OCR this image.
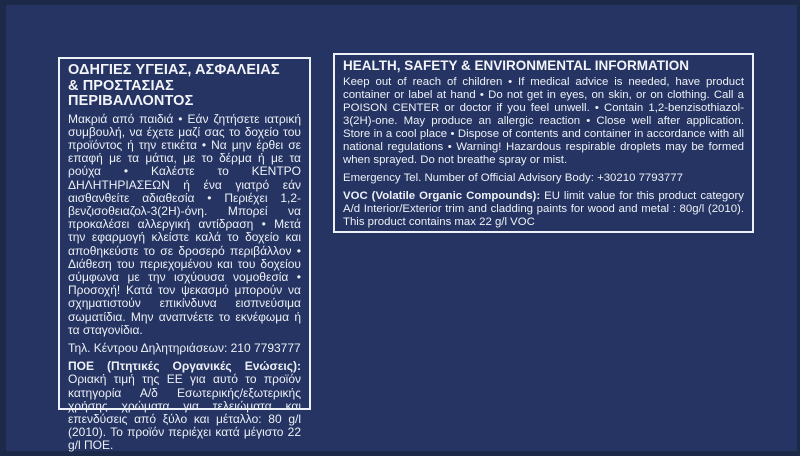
ΟΔΗΓΙΕΣ ΥΓΕΙΑΣ, ΑΣΦΑΛΕΙΑΣ
& ΠΡΟΣΤΑΣΙΑΣ ΠΕΡΙΒΑΛΛΟΝΤΟΣ

Μακριά από παιδιά • Εάν ζητήσετε ιατρική συμβουλή, να έχετε μαζί σας το δοχείο του προϊόντος ή την ετικέτα • Να μην έρθει σε επαφή με τα μάτια, με το δέρμα ή με τα ρούχα • Καλέστε το ΚΕΝΤΡΟ ΔΗΛΗΤΗΡΙΑΣΕΩΝ ή ένα γιατρό εάν αισθανθείτε αδιαθεσία • Περιέχει 1,2-βενζισοθειαζολ-3(2H)-όνη. Μπορεί να προκαλέσει αλλεργική αντίδραση • Μετά την εφαρμογή κλείστε καλά το δοχείο και αποθηκεύστε το σε δροσερό περιβάλλον • Διάθεση του περιεχομένου και του δοχείου σύμφωνα με την ισχύουσα νομοθεσία • Προσοχή! Κατά τον ψεκασμό μπορούν να σχηματιστούν επικίνδυνα εισπνεύσιμα σωματίδια. Μην αναπνέετε το εκνέφωμα ή τα σταγονίδια.

Τηλ. Κέντρου Δηλητηριάσεων: 210 7793777

ΠΟΕ (Πτητικές Οργανικές Ενώσεις): Οριακή τιμή της ΕΕ για αυτό το προϊόν κατηγορία Α/δ Εσωτερικής/εξωτερικής χρήσης χρώματα για τελειώματα και επενδύσεις από ξύλο και μέταλλο: 80 g/l (2010). Το προϊόν περιέχει κατά μέγιστο 22 g/l ΠΟΕ.

HEALTH, SAFETY & ENVIRONMENTAL INFORMATION

Keep out of reach of children • If medical advice is needed, have product container or label at hand • Do not get in eyes, on skin, or on clothing. Call a POISON CENTER or doctor if you feel unwell. • Contain 1,2-benzisothiazol-3(2H)-one. May produce an allergic reaction • Close well after application. Store in a cool place • Dispose of contents and container in accordance with all national regulations • Warning! Hazardous respirable droplets may be formed when sprayed. Do not breathe spray or mist.

Emergency Tel. Number of Official Advisory Body: +30210 7793777

VOC (Volatile Organic Compounds): EU limit value for this product category A/d Interior/Exterior trim and cladding paints for wood and metal : 80g/l (2010). This product contains max 22 g/l VOC
